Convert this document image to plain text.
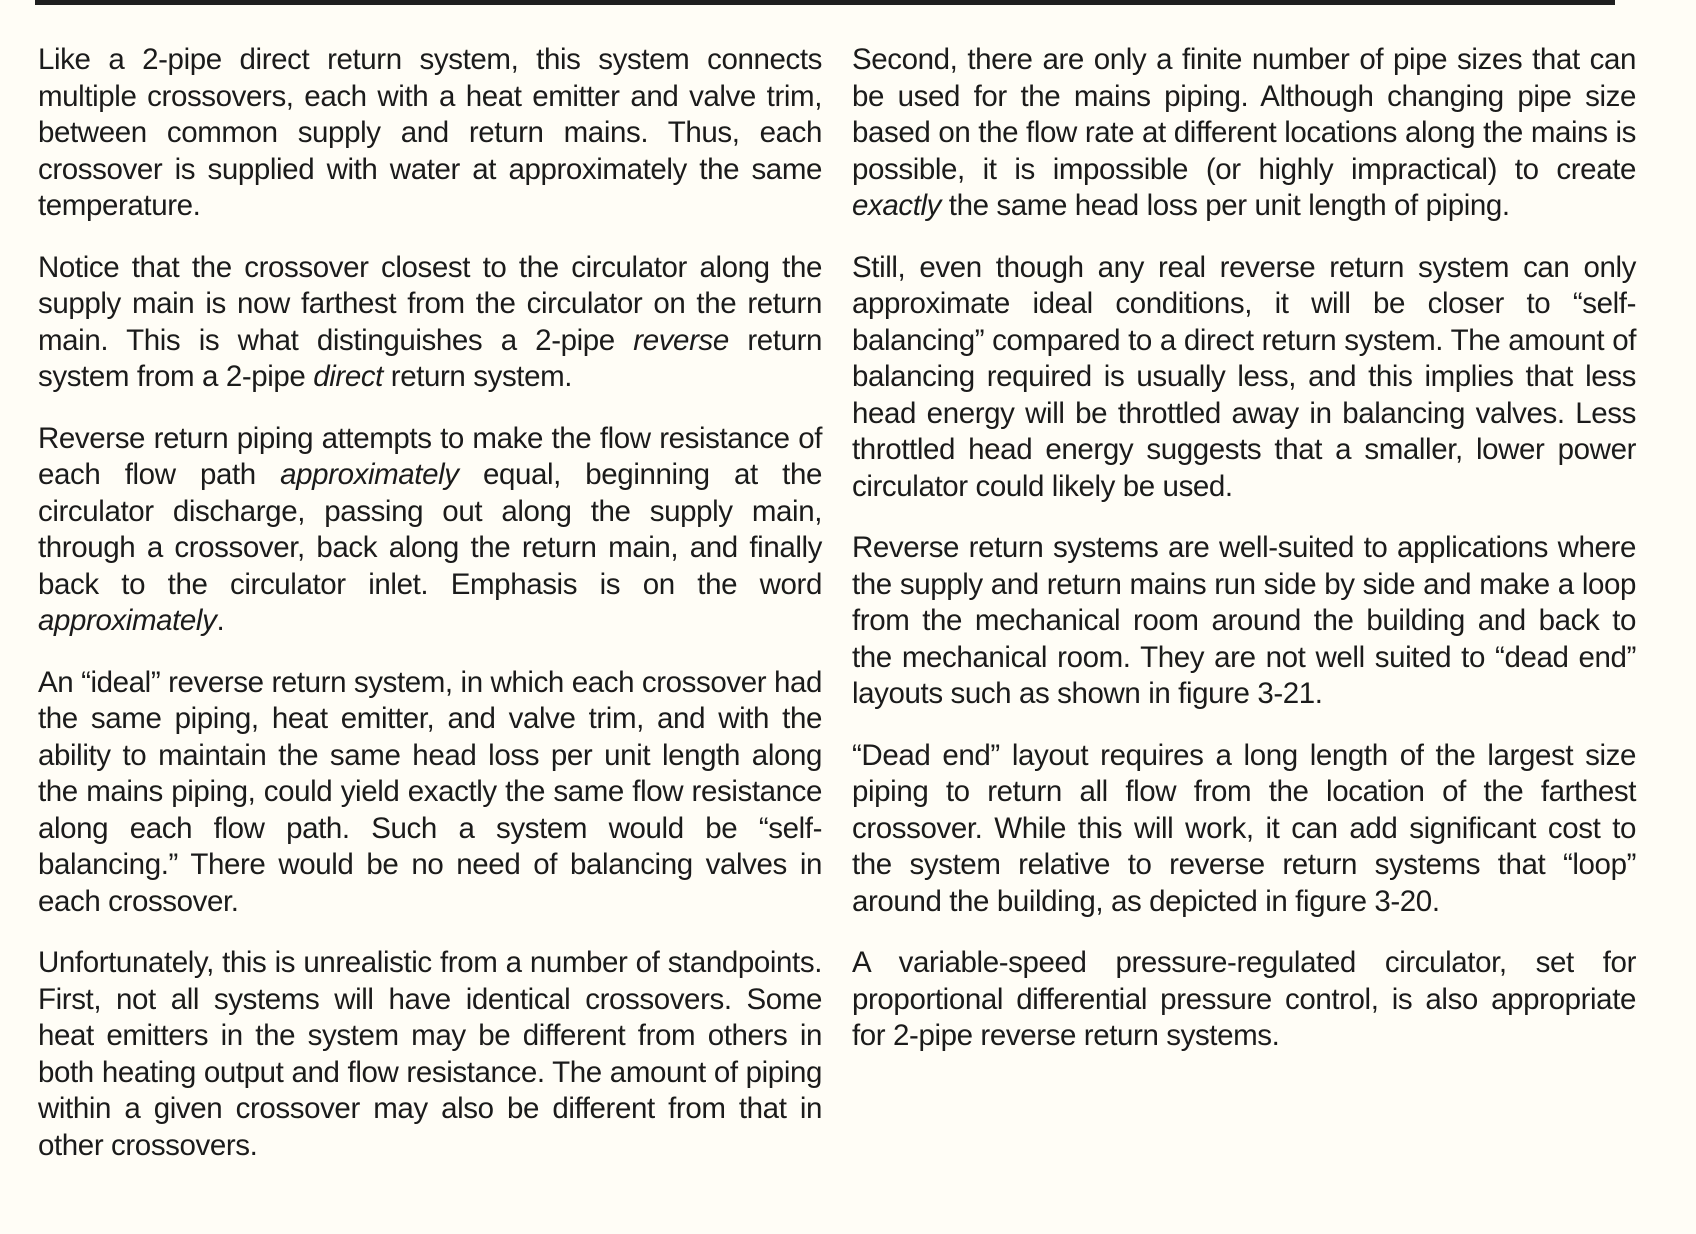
Like a 2-pipe direct return system, this system connects multiple crossovers, each with a heat emitter and valve trim, between common supply and return mains. Thus, each crossover is supplied with water at approximately the same temperature.

Notice that the crossover closest to the circulator along the supply main is now farthest from the circulator on the return main. This is what distinguishes a 2-pipe reverse return system from a 2-pipe direct return system.

Reverse return piping attempts to make the flow resistance of each flow path approximately equal, beginning at the circulator discharge, passing out along the supply main, through a crossover, back along the return main, and finally back to the circulator inlet. Emphasis is on the word approximately.

An “ideal” reverse return system, in which each crossover had the same piping, heat emitter, and valve trim, and with the ability to maintain the same head loss per unit length along the mains piping, could yield exactly the same flow resistance along each flow path. Such a system would be “self-balancing.” There would be no need of balancing valves in each crossover.

Unfortunately, this is unrealistic from a number of standpoints. First, not all systems will have identical crossovers. Some heat emitters in the system may be different from others in both heating output and flow resistance. The amount of piping within a given crossover may also be different from that in other crossovers.

Second, there are only a finite number of pipe sizes that can be used for the mains piping. Although changing pipe size based on the flow rate at different locations along the mains is possible, it is impossible (or highly impractical) to create exactly the same head loss per unit length of piping.

Still, even though any real reverse return system can only approximate ideal conditions, it will be closer to “self-balancing” compared to a direct return system. The amount of balancing required is usually less, and this implies that less head energy will be throttled away in balancing valves. Less throttled head energy suggests that a smaller, lower power circulator could likely be used.

Reverse return systems are well-suited to applications where the supply and return mains run side by side and make a loop from the mechanical room around the building and back to the mechanical room. They are not well suited to “dead end” layouts such as shown in figure 3-21.

“Dead end” layout requires a long length of the largest size piping to return all flow from the location of the farthest crossover. While this will work, it can add significant cost to the system relative to reverse return systems that “loop” around the building, as depicted in figure 3-20.

A variable-speed pressure-regulated circulator, set for proportional differential pressure control, is also appropriate for 2-pipe reverse return systems.
